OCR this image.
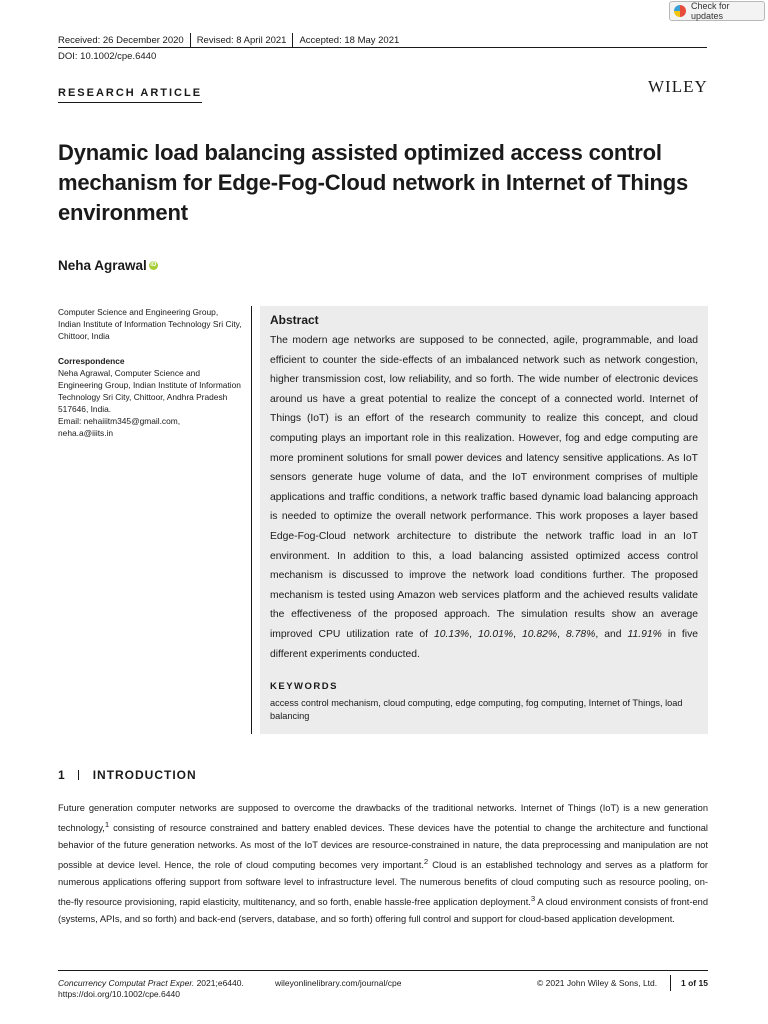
Check for updates
Received: 26 December 2020 Revised: 8 April 2021 Accepted: 18 May 2021
DOI: 10.1002/cpe.6440
RESEARCH ARTICLE	WILEY
Dynamic load balancing assisted optimized access control mechanism for Edge-Fog-Cloud network in Internet of Things environment
Neha Agrawal iD

Computer Science and Engineering Group, Indian Institute of Information Technology Sri City, Chittoor, India

Correspondence

Neha Agrawal, Computer Science and Engineering Group, Indian Institute of Information Technology Sri City, Chittoor, Andhra Pradesh 517646, India.

Email: nehaiiitm345@gmail.com,

neha.a@iiits.in

Abstract

The modern age networks are supposed to be connected, agile, programmable, and load efficient to counter the side-effects of an imbalanced network such as network congestion, higher transmission cost, low reliability, and so forth. The wide number of electronic devices around us have a great potential to realize the concept of a connected world. Internet of Things (IoT) is an effort of the research community to realize this concept, and cloud computing plays an important role in this realization. However, fog and edge computing are more prominent solutions for small power devices and latency sensitive applications. As IoT sensors generate huge volume of data, and the IoT environment comprises of multiple applications and traffic conditions, a network traffic based dynamic load balancing approach is needed to optimize the overall network performance. This work proposes a layer based Edge-Fog-Cloud network architecture to distribute the network traffic load in an IoT environment. In addition to this, a load balancing assisted optimized access control mechanism is discussed to improve the network load conditions further. The proposed mechanism is tested using Amazon web services platform and the achieved results validate the effectiveness of the proposed approach. The simulation results show an average improved CPU utilization rate of 10.13%, 10.01%, 10.82%, 8.78%, and 11.91% in five different experiments conducted.

KEYWORDS

access control mechanism, cloud computing, edge computing, fog computing, Internet of Things, load balancing

1 INTRODUCTION

Future generation computer networks are supposed to overcome the drawbacks of the traditional networks. Internet of Things (IoT) is a new generation technology,$^1$ consisting of resource constrained and battery enabled devices. These devices have the potential to change the architecture and functional behavior of the future generation networks. As most of the IoT devices are resource-constrained in nature, the data preprocessing and manipulation are not possible at device level. Hence, the role of cloud computing becomes very important.$^2$ Cloud is an established technology and serves as a platform for numerous applications offering support from software level to infrastructure level. The numerous benefits of cloud computing such as resource pooling, on-the-fly resource provisioning, rapid elasticity, multitenancy, and so forth, enable hassle-free application deployment.$^3$ A cloud environment consists of front-end (systems, APIs, and so forth) and back-end (servers, database, and so forth) offering full control and support for cloud-based application development.

Concurrency Computat Pract Exper. 2021;e6440.
https://doi.org/10.1002/cpe.6440
wileyonlinelibrary.com/journal/cpe	© 2021 John Wiley & Sons, Ltd.	1 of 15
